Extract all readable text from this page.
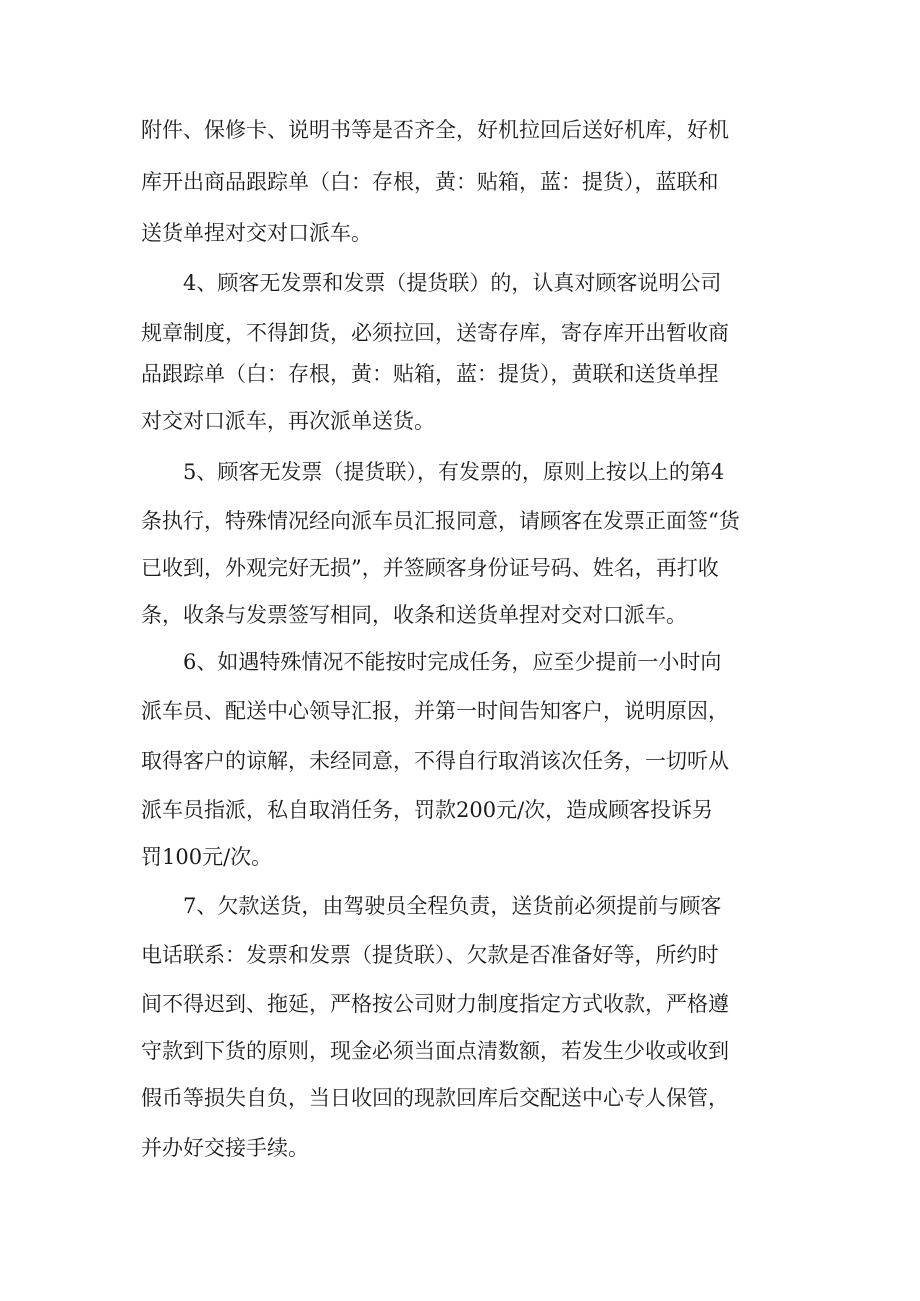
附件、保修卡、说明书等是否齐全，好机拉回后送好机库，好机
库开出商品跟踪单（白：存根，黄：贴箱，蓝：提货），蓝联和
送货单捏对交对口派车。
　　4、顾客无发票和发票（提货联）的，认真对顾客说明公司
规章制度，不得卸货，必须拉回，送寄存库，寄存库开出暂收商
品跟踪单（白：存根，黄：贴箱，蓝：提货），黄联和送货单捏
对交对口派车，再次派单送货。
　　5、顾客无发票（提货联），有发票的，原则上按以上的第4
条执行，特殊情况经向派车员汇报同意，请顾客在发票正面签“货
已收到，外观完好无损”，并签顾客身份证号码、姓名，再打收
条，收条与发票签写相同，收条和送货单捏对交对口派车。
　　6、如遇特殊情况不能按时完成任务，应至少提前一小时向
派车员、配送中心领导汇报，并第一时间告知客户，说明原因，
取得客户的谅解，未经同意，不得自行取消该次任务，一切听从
派车员指派，私自取消任务，罚款200元/次，造成顾客投诉另
罚100元/次。
　　7、欠款送货，由驾驶员全程负责，送货前必须提前与顾客
电话联系：发票和发票（提货联）、欠款是否准备好等，所约时
间不得迟到、拖延，严格按公司财力制度指定方式收款，严格遵
守款到下货的原则，现金必须当面点清数额，若发生少收或收到
假币等损失自负，当日收回的现款回库后交配送中心专人保管，
并办好交接手续。
